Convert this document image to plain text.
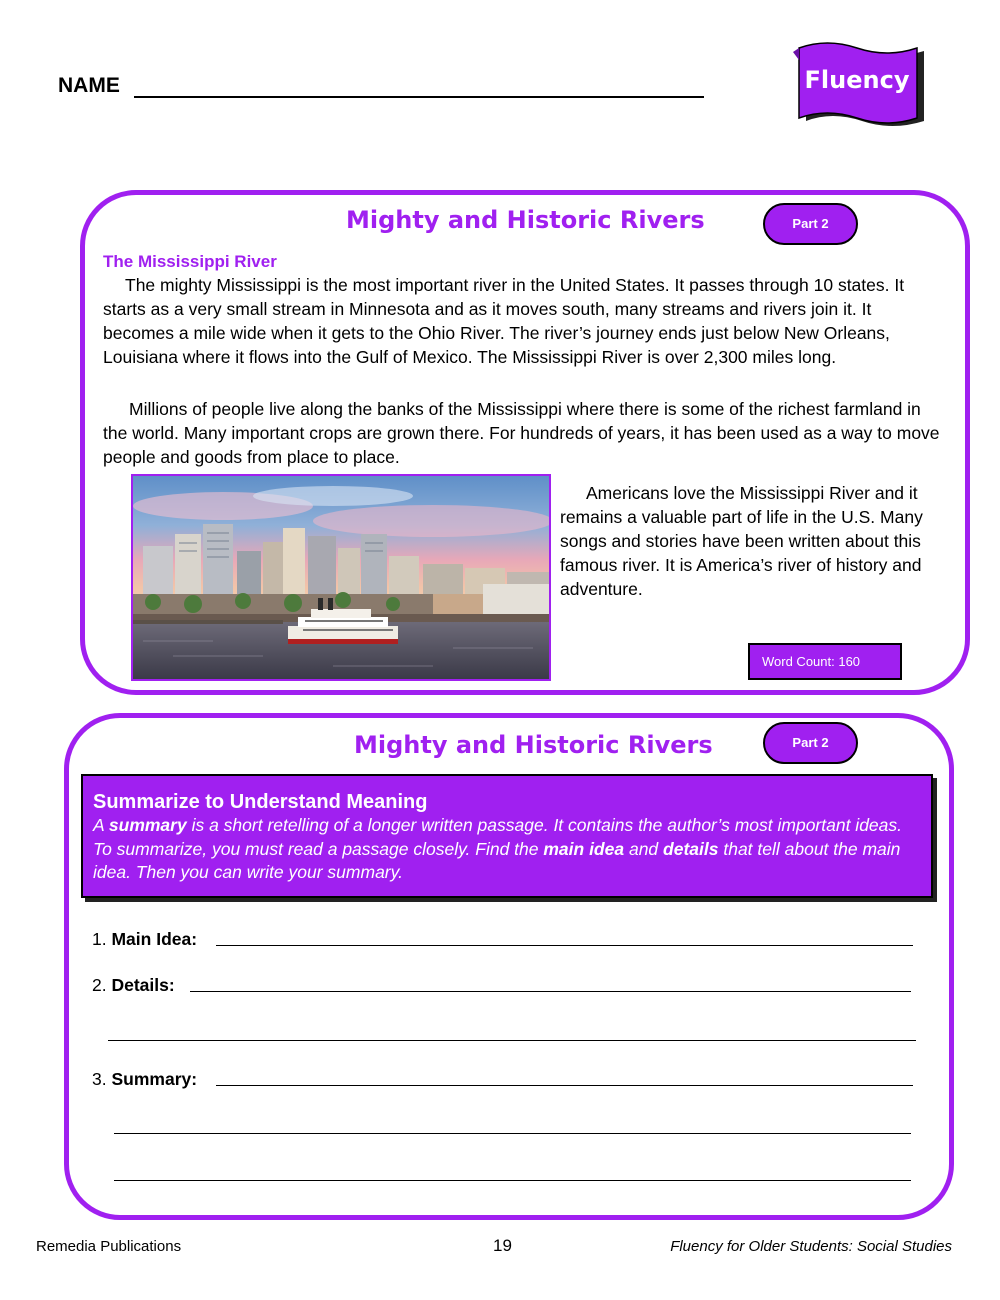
NAME	Fluency
Mighty and Historic Rivers	Part 2
The Mississippi River

The mighty Mississippi is the most important river in the United States. It passes through 10 states. It starts as a very small stream in Minnesota and as it moves south, many streams and rivers join it. It becomes a mile wide when it gets to the Ohio River. The river’s journey ends just below New Orleans, Louisiana where it flows into the Gulf of Mexico. The Mississippi River is over 2,300 miles long.

Millions of people live along the banks of the Mississippi where there is some of the richest farmland in the world. Many important crops are grown there. For hundreds of years, it has been used as a way to move people and goods from place to place.

Americans love the Mississippi River and it remains a valuable part of life in the U.S. Many songs and stories have been written about this famous river. It is America’s river of history and adventure.

Word Count: 160
Mighty and Historic Rivers	Part 2
Summarize to Understand Meaning
A summary is a short retelling of a longer written passage. It contains the author’s most important ideas. To summarize, you must read a passage closely. Find the main idea and details that tell about the main idea. Then you can write your summary.
1. Main Idea:
2. Details:
3. Summary:
Remedia Publications	19	Fluency for Older Students: Social Studies
